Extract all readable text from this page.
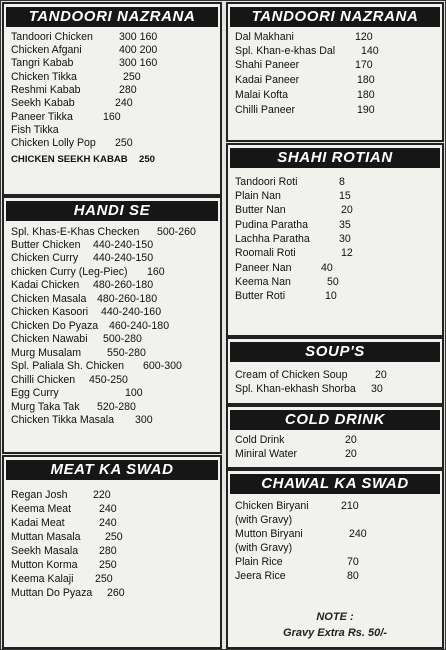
TANDOORI NAZRANA
Tandoori Chicken 300 160
Chicken Afgani	400 200
Tangri Kabab	300 160
Chicken Tikka	250
Reshmi Kabab	280
Seekh Kabab	240
Paneer Tikka	160
Fish Tikka
Chicken Lolly Pop 250
CHICKEN SEEKH KABAB 250
HANDI SE
Spl. Khas-E-Khas Checken 500-260
Butter Chicken 440-240-150
Chicken Curry 440-240-150
chicken Curry (Leg-Piec) 160
Kadai Chicken 480-260-180
Chicken Masala 480-260-180
Chicken Kasoori 440-240-160
Chicken Do Pyaza 460-240-180
Chicken Nawabi 500-280
Murg Musalam 550-280
Spl. Paliala Sh. Chicken 600-300
Chilli Chicken 450-250
Egg Curry	100
Murg Taka Tak 520-280
Chicken Tikka Masala 300
MEAT KA SWAD
Regan Josh 220
Keema Meat	240
Kadai Meat	240
Muttan Masala 250
Seekh Masala 280
Mutton Korma 250
Keema Kalaji 250
Muttan Do Pyaza 260
TANDOORI NAZRANA
Dal Makhani	120
Spl. Khan-e-khas Dal 140
Shahi Paneer	170
Kadai Paneer	180
Malai Kofta	180
Chilli Paneer	190
SHAHI ROTIAN
Tandoori Roti	8
Plain Nan	15
Butter Nan	20
Pudina Paratha	35
Lachha Paratha	30
Roomali Roti	12
Paneer Nan	40
Keema Nan	50
Butter Roti	10
SOUP'S
Cream of Chicken Soup	20
Spl. Khan-ekhash Shorba 30
COLD DRINK
Cold Drink	20
Miniral Water	20
CHAWAL KA SWAD
Chicken Biryani	210
(with Gravy)
Mutton Biryani	240
(with Gravy)
Plain Rice	70
Jeera Rice	80
NOTE :
Gravy Extra Rs. 50/-
